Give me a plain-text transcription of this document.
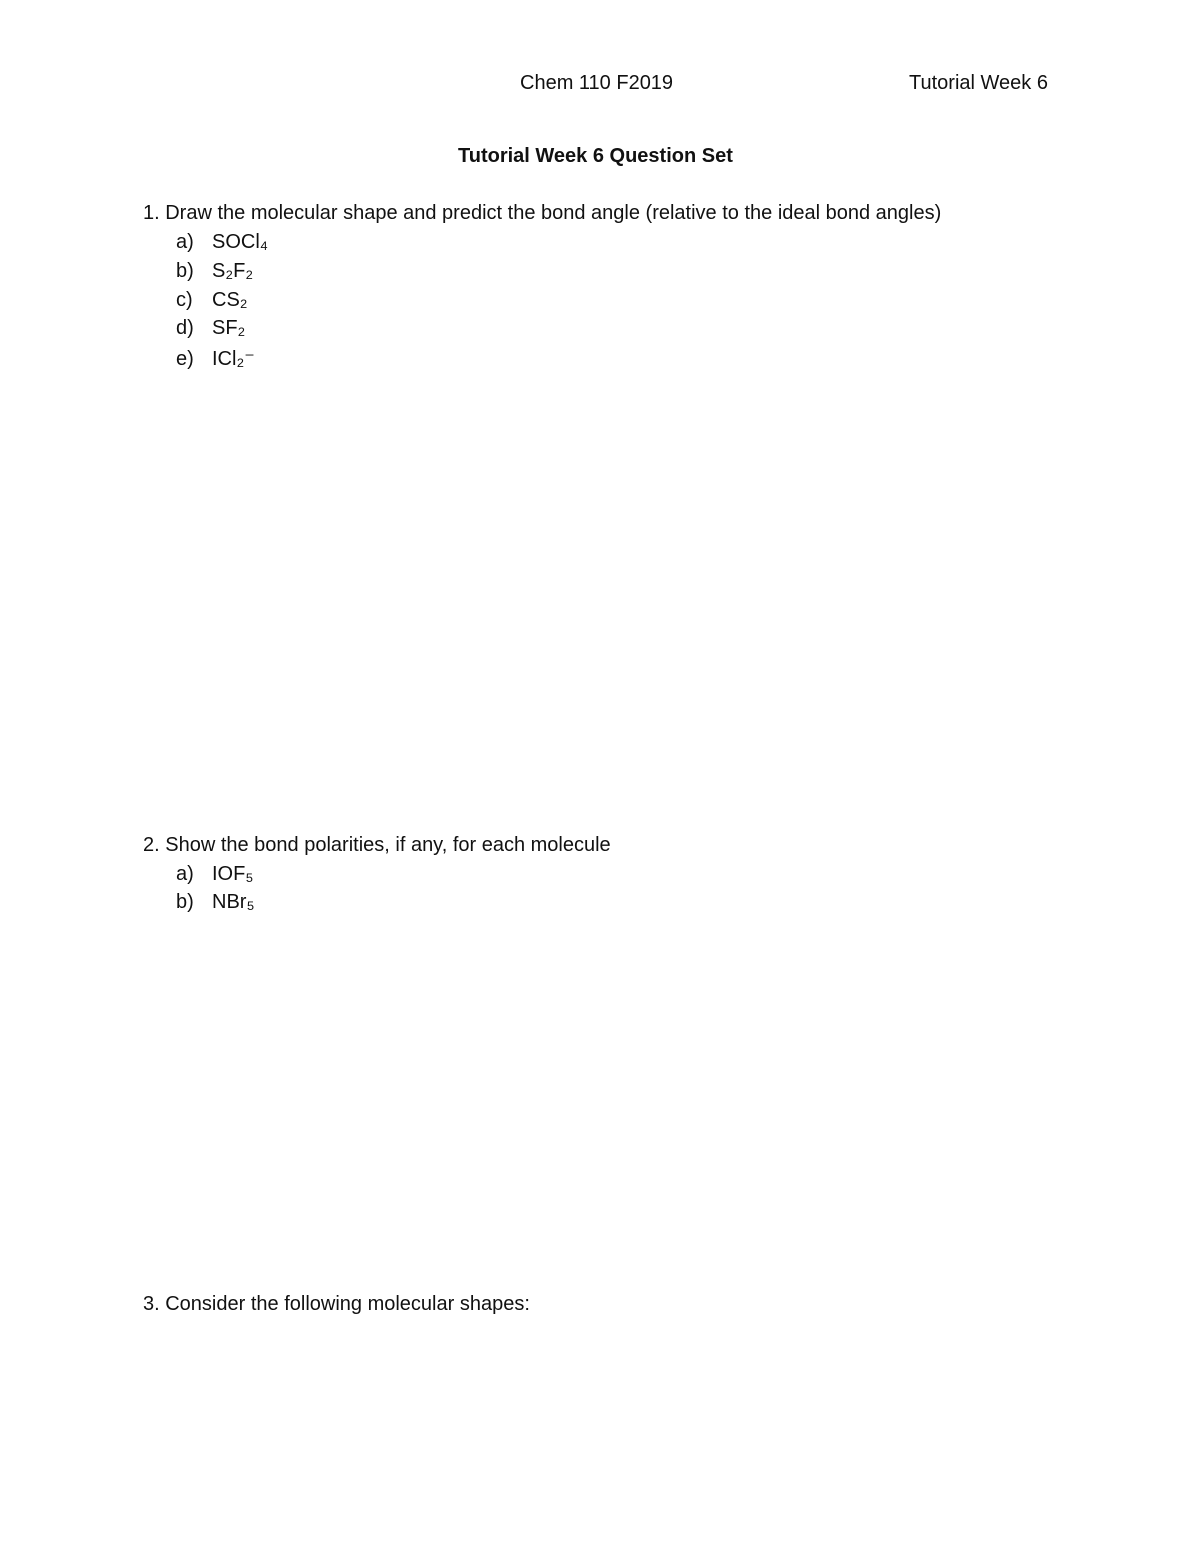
Chem 110 F2019	Tutorial Week 6
Tutorial Week 6 Question Set
1. Draw the molecular shape and predict the bond angle (relative to the ideal bond angles)
a) SOCl₄
b) S₂F₂
c) CS₂
d) SF₂
e) ICl₂⁻
2. Show the bond polarities, if any, for each molecule
a) IOF₅
b) NBr₅
3. Consider the following molecular shapes:
